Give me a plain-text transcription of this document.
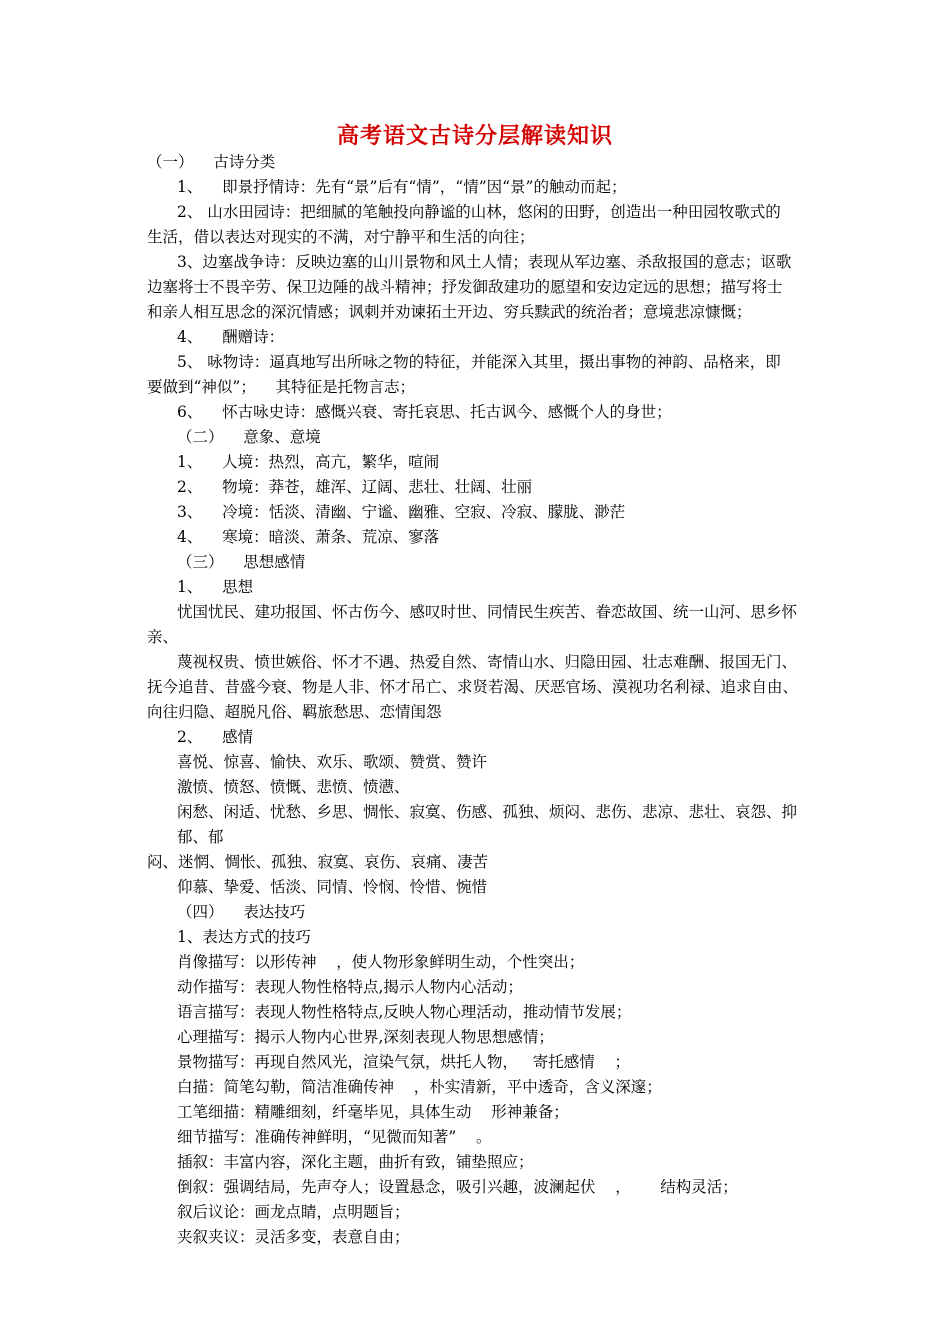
高考语文古诗分层解读知识

（一）    古诗分类

1、    即景抒情诗：先有“景”后有“情”，“情”因“景”的触动而起；

2、 山水田园诗：把细腻的笔触投向静谧的山林，悠闲的田野，创造出一种田园牧歌式的

生活，借以表达对现实的不满，对宁静平和生活的向往；

3、边塞战争诗：反映边塞的山川景物和风土人情；表现从军边塞、杀敌报国的意志；讴歌

边塞将士不畏辛劳、保卫边陲的战斗精神；抒发御敌建功的愿望和安边定远的思想；描写将士

和亲人相互思念的深沉情感；讽刺并劝谏拓土开边、穷兵黩武的统治者；意境悲凉慷慨；

4、    酬赠诗：

5、 咏物诗：逼真地写出所咏之物的特征，并能深入其里，摄出事物的神韵、品格来，即

要做到“神似”；    其特征是托物言志；

6、    怀古咏史诗：感慨兴衰、寄托哀思、托古讽今、感慨个人的身世；

（二）    意象、意境

1、    人境：热烈，高亢，繁华，喧闹

2、    物境：莽苍，雄浑、辽阔、悲壮、壮阔、壮丽

3、    冷境：恬淡、清幽、宁谧、幽雅、空寂、冷寂、朦胧、渺茫

4、    寒境：暗淡、萧条、荒凉、寥落

（三）    思想感情

1、    思想

忧国忧民、建功报国、怀古伤今、感叹时世、同情民生疾苦、眷恋故国、统一山河、思乡怀

亲、

蔑视权贵、愤世嫉俗、怀才不遇、热爱自然、寄情山水、归隐田园、壮志难酬、报国无门、

抚今追昔、昔盛今衰、物是人非、怀才吊亡、求贤若渴、厌恶官场、漠视功名利禄、追求自由、

向往归隐、超脱凡俗、羁旅愁思、恋情闺怨

2、    感情

喜悦、惊喜、愉快、欢乐、歌颂、赞赏、赞许

激愤、愤怒、愤慨、悲愤、愤懑、

闲愁、闲适、忧愁、乡思、惆怅、寂寞、伤感、孤独、烦闷、悲伤、悲凉、悲壮、哀怨、抑郁、郁

闷、迷惘、惆怅、孤独、寂寞、哀伤、哀痛、凄苦

仰慕、挚爱、恬淡、同情、怜悯、怜惜、惋惜

（四）    表达技巧

1、表达方式的技巧

肖像描写：以形传神    ，使人物形象鲜明生动，个性突出；

动作描写：表现人物性格特点,揭示人物内心活动；

语言描写：表现人物性格特点,反映人物心理活动，推动情节发展；

心理描写：揭示人物内心世界,深刻表现人物思想感情；

景物描写：再现自然风光，渲染气氛，烘托人物，   寄托感情    ；

白描：简笔勾勒，简洁准确传神    ，朴实清新，平中透奇，含义深邃；

工笔细描：精雕细刻，纤毫毕见，具体生动    形神兼备；

细节描写：准确传神鲜明，“见微而知著”    。

插叙：丰富内容，深化主题，曲折有致，铺垫照应；

倒叙：强调结局，先声夺人；设置悬念，吸引兴趣，波澜起伏    ，      结构灵活；

叙后议论：画龙点睛，点明题旨；

夹叙夹议：灵活多变，表意自由；
